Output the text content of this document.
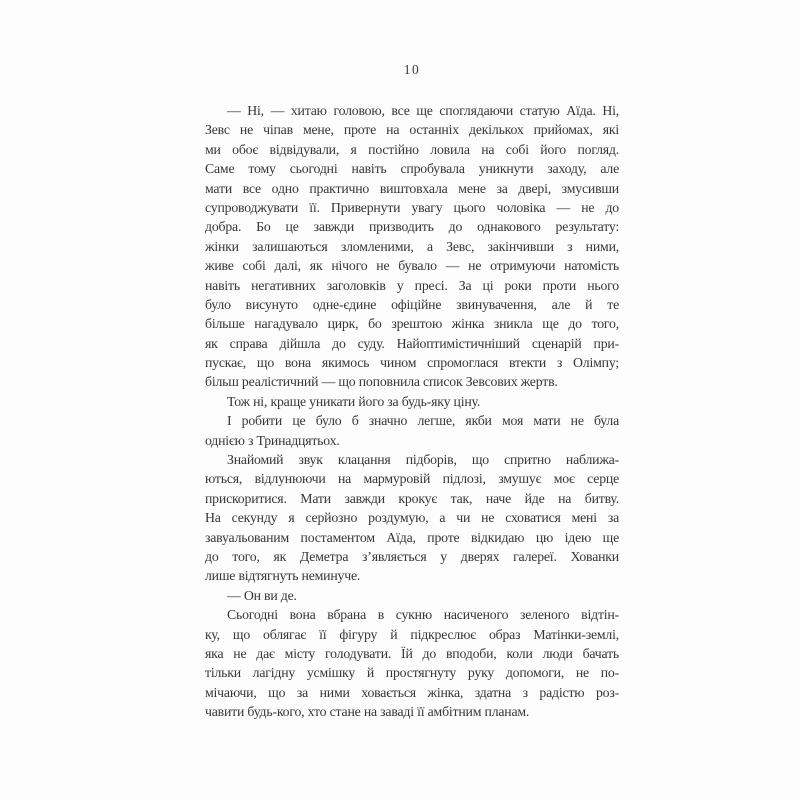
10
— Ні, — хитаю головою, все ще споглядаючи статую Аїда. Ні,
Зевс не чіпав мене, проте на останніх декількох прийомах, які
ми обоє відвідували, я постійно ловила на собі його погляд.
Саме тому сьогодні навіть спробувала уникнути заходу, але
мати все одно практично виштовхала мене за двері, змусивши
супроводжувати її. Привернути увагу цього чоловіка — не до
добра. Бо це завжди призводить до однакового результату:
жінки залишаються зломленими, а Зевс, закінчивши з ними,
живе собі далі, як нічого не бувало — не отримуючи натомість
навіть негативних заголовків у пресі. За ці роки проти нього
було висунуто одне-єдине офіційне звинувачення, але й те
більше нагадувало цирк, бо зрештою жінка зникла ще до того,
як справа дійшла до суду. Найоптимістичніший сценарій при-
пускає, що вона якимось чином спромоглася втекти з Олімпу;
більш реалістичний — що поповнила список Зевсових жертв.
Тож ні, краще уникати його за будь-яку ціну.
І робити це було б значно легше, якби моя мати не була
однією з Тринадцятьох.
Знайомий звук клацання підборів, що спритно наближа-
ються, відлунюючи на мармуровій підлозі, змушує моє серце
прискоритися. Мати завжди крокує так, наче йде на битву.
На секунду я серйозно роздумую, а чи не сховатися мені за
завуальованим постаментом Аїда, проте відкидаю цю ідею ще
до того, як Деметра з’являється у дверях галереї. Хованки
лише відтягнуть неминуче.
— Он ви де.
Сьогодні вона вбрана в сукню насиченого зеленого відтін-
ку, що облягає її фігуру й підкреслює образ Матінки-землі,
яка не дає місту голодувати. Їй до вподоби, коли люди бачать
тільки лагідну усмішку й простягнуту руку допомоги, не по-
мічаючи, що за ними ховається жінка, здатна з радістю роз-
чавити будь-кого, хто стане на заваді її амбітним планам.
